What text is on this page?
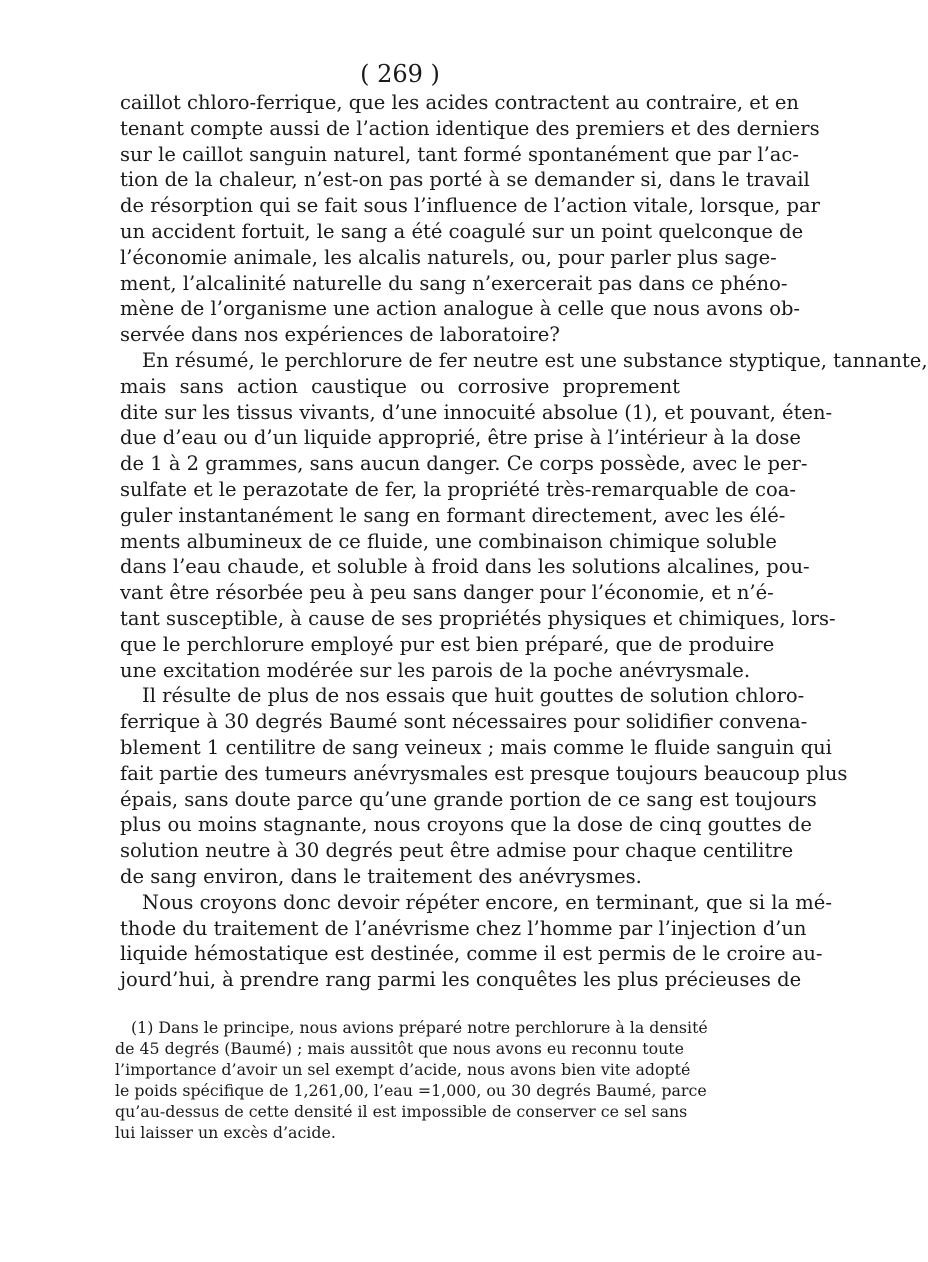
( 269 )
caillot chloro-ferrique, que les acides contractent au contraire, et en
tenant compte aussi de l’action identique des premiers et des derniers
sur le caillot sanguin naturel, tant formé spontanément que par l’ac-
tion de la chaleur, n’est-on pas porté à se demander si, dans le travail
de résorption qui se fait sous l’influence de l’action vitale, lorsque, par
un accident fortuit, le sang a été coagulé sur un point quelconque de
l’économie animale, les alcalis naturels, ou, pour parler plus sage-
ment, l’alcalinité naturelle du sang n’exercerait pas dans ce phéno-
mène de l’organisme une action analogue à celle que nous avons ob-
servée dans nos expériences de laboratoire?
En résumé, le perchlorure de fer neutre est une substance styptique, tannante,
mais sans action caustique ou corrosive proprement
dite sur les tissus vivants, d’une innocuité absolue (1), et pouvant, éten-
due d’eau ou d’un liquide approprié, être prise à l’intérieur à la dose
de 1 à 2 grammes, sans aucun danger. Ce corps possède, avec le per-
sulfate et le perazotate de fer, la propriété très-remarquable de coa-
guler instantanément le sang en formant directement, avec les élé-
ments albumineux de ce fluide, une combinaison chimique soluble
dans l’eau chaude, et soluble à froid dans les solutions alcalines, pou-
vant être résorbée peu à peu sans danger pour l’économie, et n’é-
tant susceptible, à cause de ses propriétés physiques et chimiques, lors-
que le perchlorure employé pur est bien préparé, que de produire
une excitation modérée sur les parois de la poche anévrysmale.
Il résulte de plus de nos essais que huit gouttes de solution chloro-
ferrique à 30 degrés Baumé sont nécessaires pour solidifier convena-
blement 1 centilitre de sang veineux ; mais comme le fluide sanguin qui
fait partie des tumeurs anévrysmales est presque toujours beaucoup plus
épais, sans doute parce qu’une grande portion de ce sang est toujours
plus ou moins stagnante, nous croyons que la dose de cinq gouttes de
solution neutre à 30 degrés peut être admise pour chaque centilitre
de sang environ, dans le traitement des anévrysmes.
Nous croyons donc devoir répéter encore, en terminant, que si la mé-
thode du traitement de l’anévrisme chez l’homme par l’injection d’un
liquide hémostatique est destinée, comme il est permis de le croire au-
jourd’hui, à prendre rang parmi les conquêtes les plus précieuses de
(1) Dans le principe, nous avions préparé notre perchlorure à la densité
de 45 degrés (Baumé) ; mais aussitôt que nous avons eu reconnu toute
l’importance d’avoir un sel exempt d’acide, nous avons bien vite adopté
le poids spécifique de 1,261,00, l’eau =1,000, ou 30 degrés Baumé, parce
qu’au-dessus de cette densité il est impossible de conserver ce sel sans
lui laisser un excès d’acide.
